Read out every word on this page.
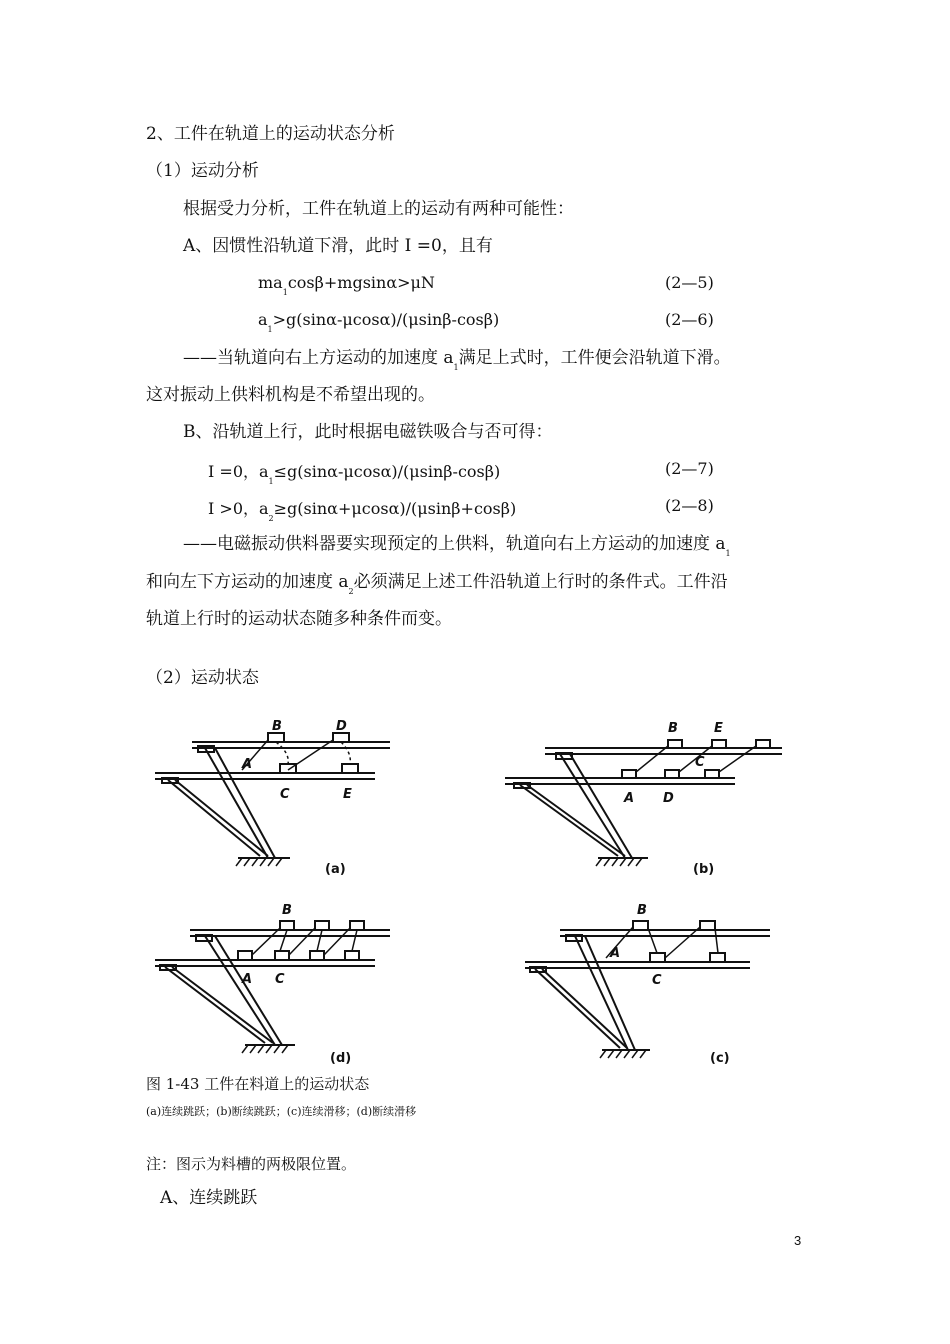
2、工件在轨道上的运动状态分析
（1）运动分析
根据受力分析，工件在轨道上的运动有两种可能性：
A、因惯性沿轨道下滑，此时 I =0，且有
$ma_1\cos\beta+mgsin\alpha>\mu N$	(2—5)
$a_1>g(\sin\alpha-\mu\cos\alpha)/(\mu\sin\beta-\cos\beta)$	(2—6)
——当轨道向右上方运动的加速度 $a_1$满足上式时，工件便会沿轨道下滑。
这对振动上供料机构是不希望出现的。
B、沿轨道上行，此时根据电磁铁吸合与否可得：
I =0，$a_1\le g(\sin\alpha-\mu\cos\alpha)/(\mu\sin\beta-\cos\beta)$	(2—7)
I >0，$a_2\ge g(\sin\alpha+\mu\cos\alpha)/(\mu\sin\beta+\cos\beta)$	(2—8)
——电磁振动供料器要实现预定的上供料，轨道向右上方运动的加速度 $a_1$
和向左下方运动的加速度 $a_2$必须满足上述工件沿轨道上行时的条件式。工件沿
轨道上行时的运动状态随多种条件而变。
（2）运动状态
B	D
A
C	E
(a)
B	E
C
A D
(b)
B
A C
(d)
B
A
C
(c)
图 1-43 工件在料道上的运动状态
(a)连续跳跃；(b)断续跳跃；(c)连续滑移；(d)断续滑移
注：图示为料槽的两极限位置。
A、连续跳跃
3
